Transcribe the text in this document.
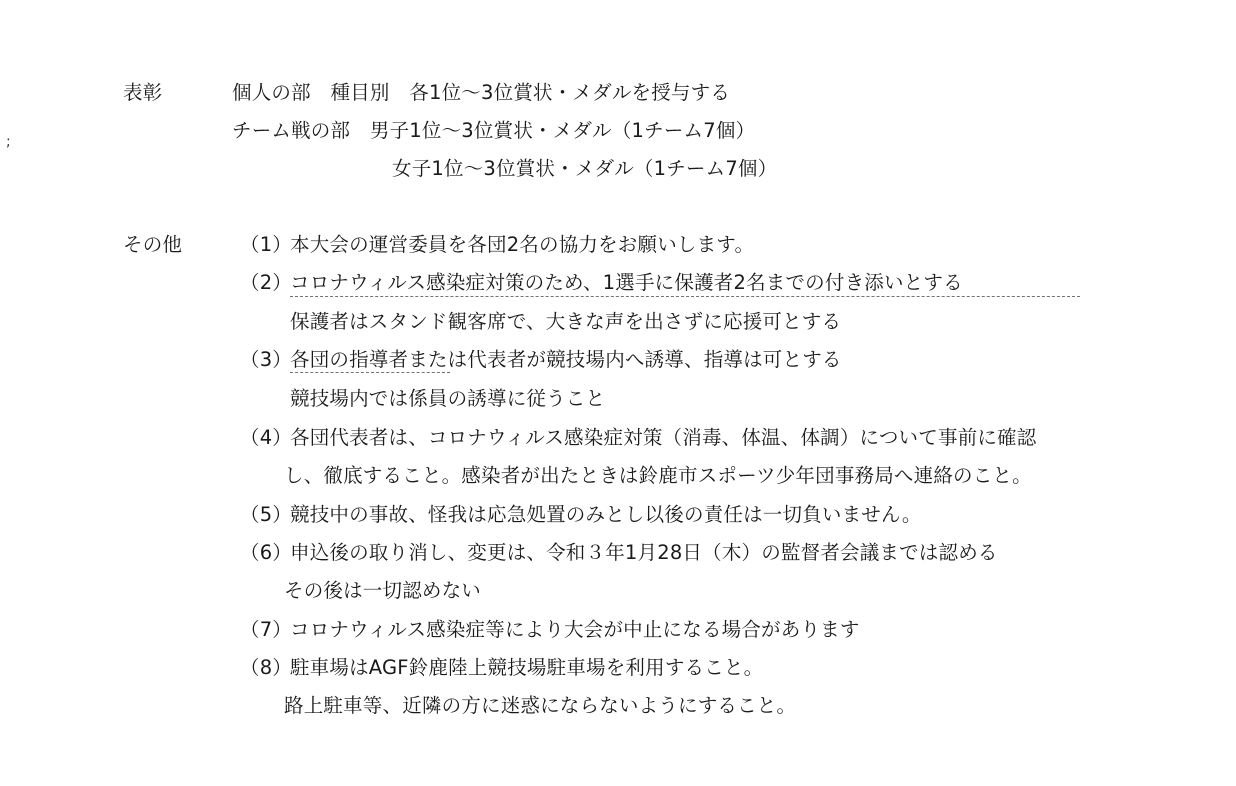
;
表彰	個人の部　種目別　各1位～3位賞状・メダルを授与する
チーム戦の部　男子1位～3位賞状・メダル（1チーム7個）
女子1位～3位賞状・メダル（1チーム7個）
その他	（1）
本大会の運営委員を各団2名の協力をお願いします。
（2）
コロナウィルス感染症対策のため、1選手に保護者2名までの付き添いとする
保護者はスタンド観客席で、大きな声を出さずに応援可とする
（3）
各団の指導者または代表者が競技場内へ誘導、指導は可とする
競技場内では係員の誘導に従うこと
（4）
各団代表者は、コロナウィルス感染症対策（消毒、体温、体調）について事前に確認
し、徹底すること。感染者が出たときは鈴鹿市スポーツ少年団事務局へ連絡のこと。
（5）
競技中の事故、怪我は応急処置のみとし以後の責任は一切負いません。
（6）
申込後の取り消し、変更は、令和３年1月28日（木）の監督者会議までは認める
その後は一切認めない
（7）
コロナウィルス感染症等により大会が中止になる場合があります
（8）
駐車場はAGF鈴鹿陸上競技場駐車場を利用すること。
路上駐車等、近隣の方に迷惑にならないようにすること。
